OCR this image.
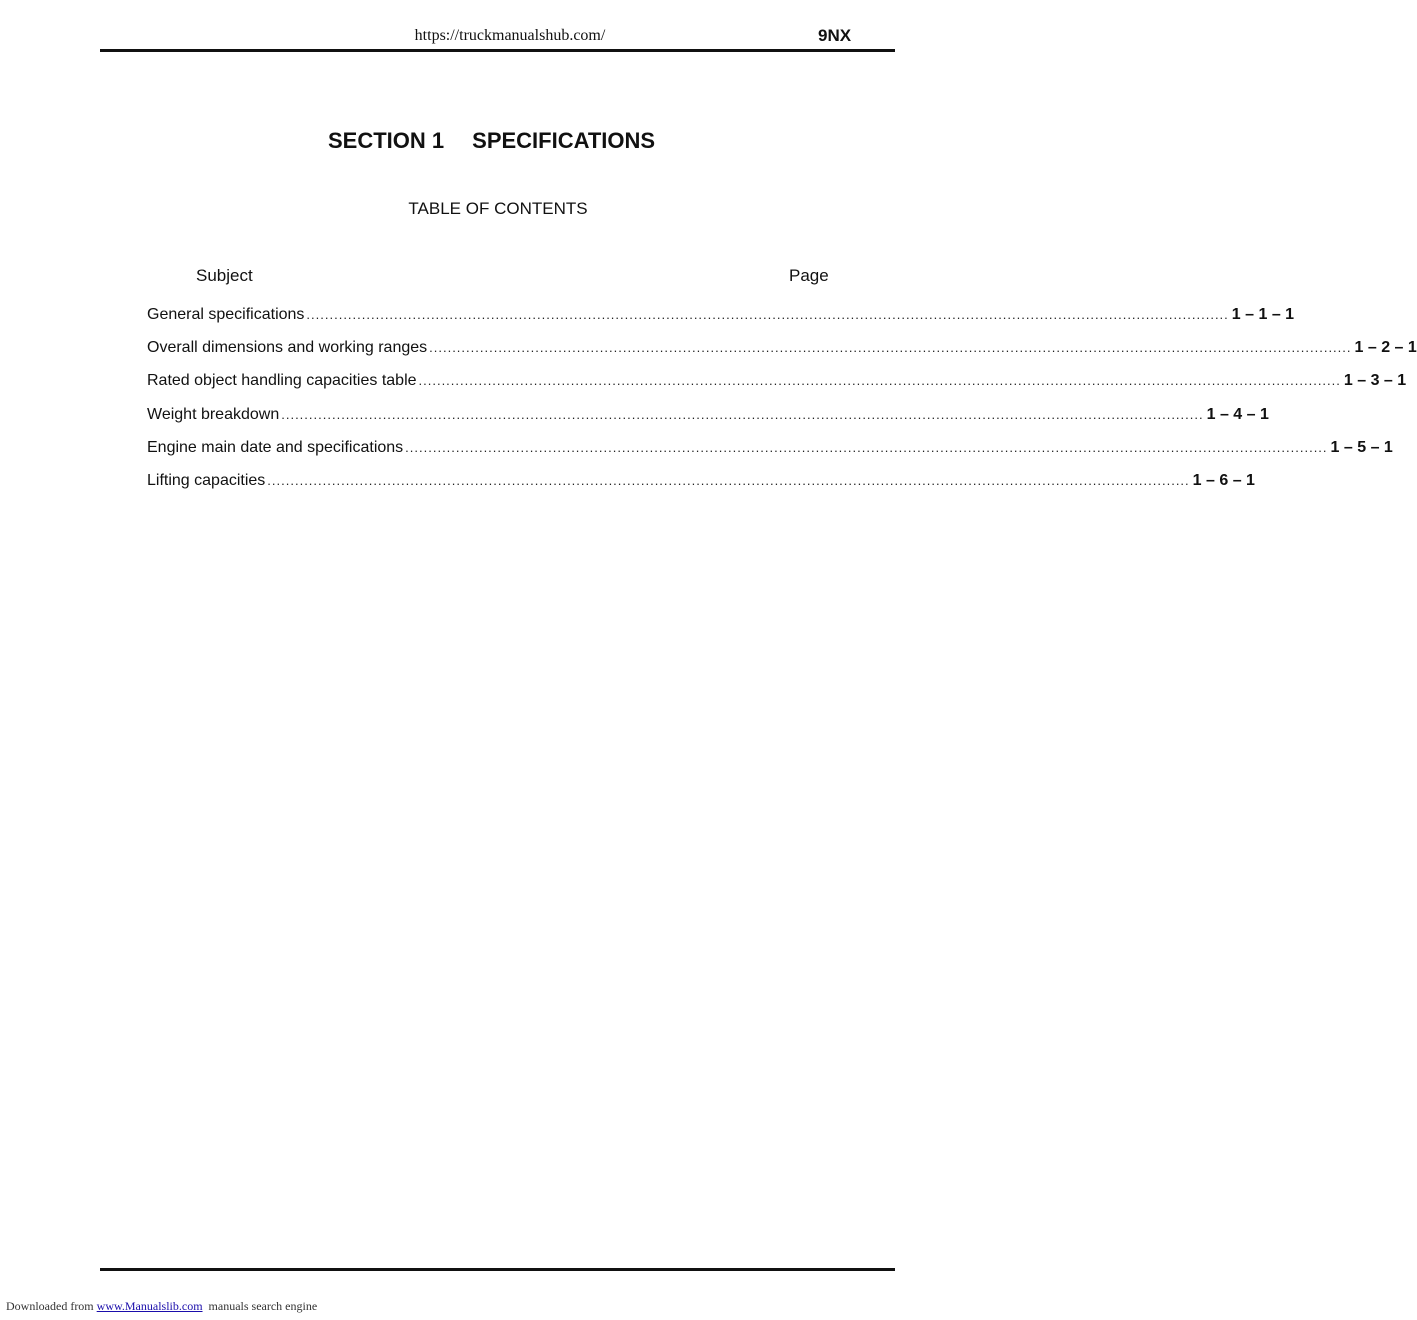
https://truckmanualshub.com/	9NX
SECTION 1 SPECIFICATIONS
TABLE OF CONTENTS
Subject	Page
General specifications ........................................................................................................................................................................................................ 1 – 1 – 1
Overall dimensions and working ranges ........................................................................................................................................................................................................ 1 – 2 – 1
Rated object handling capacities table ........................................................................................................................................................................................................ 1 – 3 – 1
Weight breakdown ........................................................................................................................................................................................................ 1 – 4 – 1
Engine main date and specifications ........................................................................................................................................................................................................ 1 – 5 – 1
Lifting capacities ........................................................................................................................................................................................................ 1 – 6 – 1
Downloaded from www.Manualslib.com manuals search engine
